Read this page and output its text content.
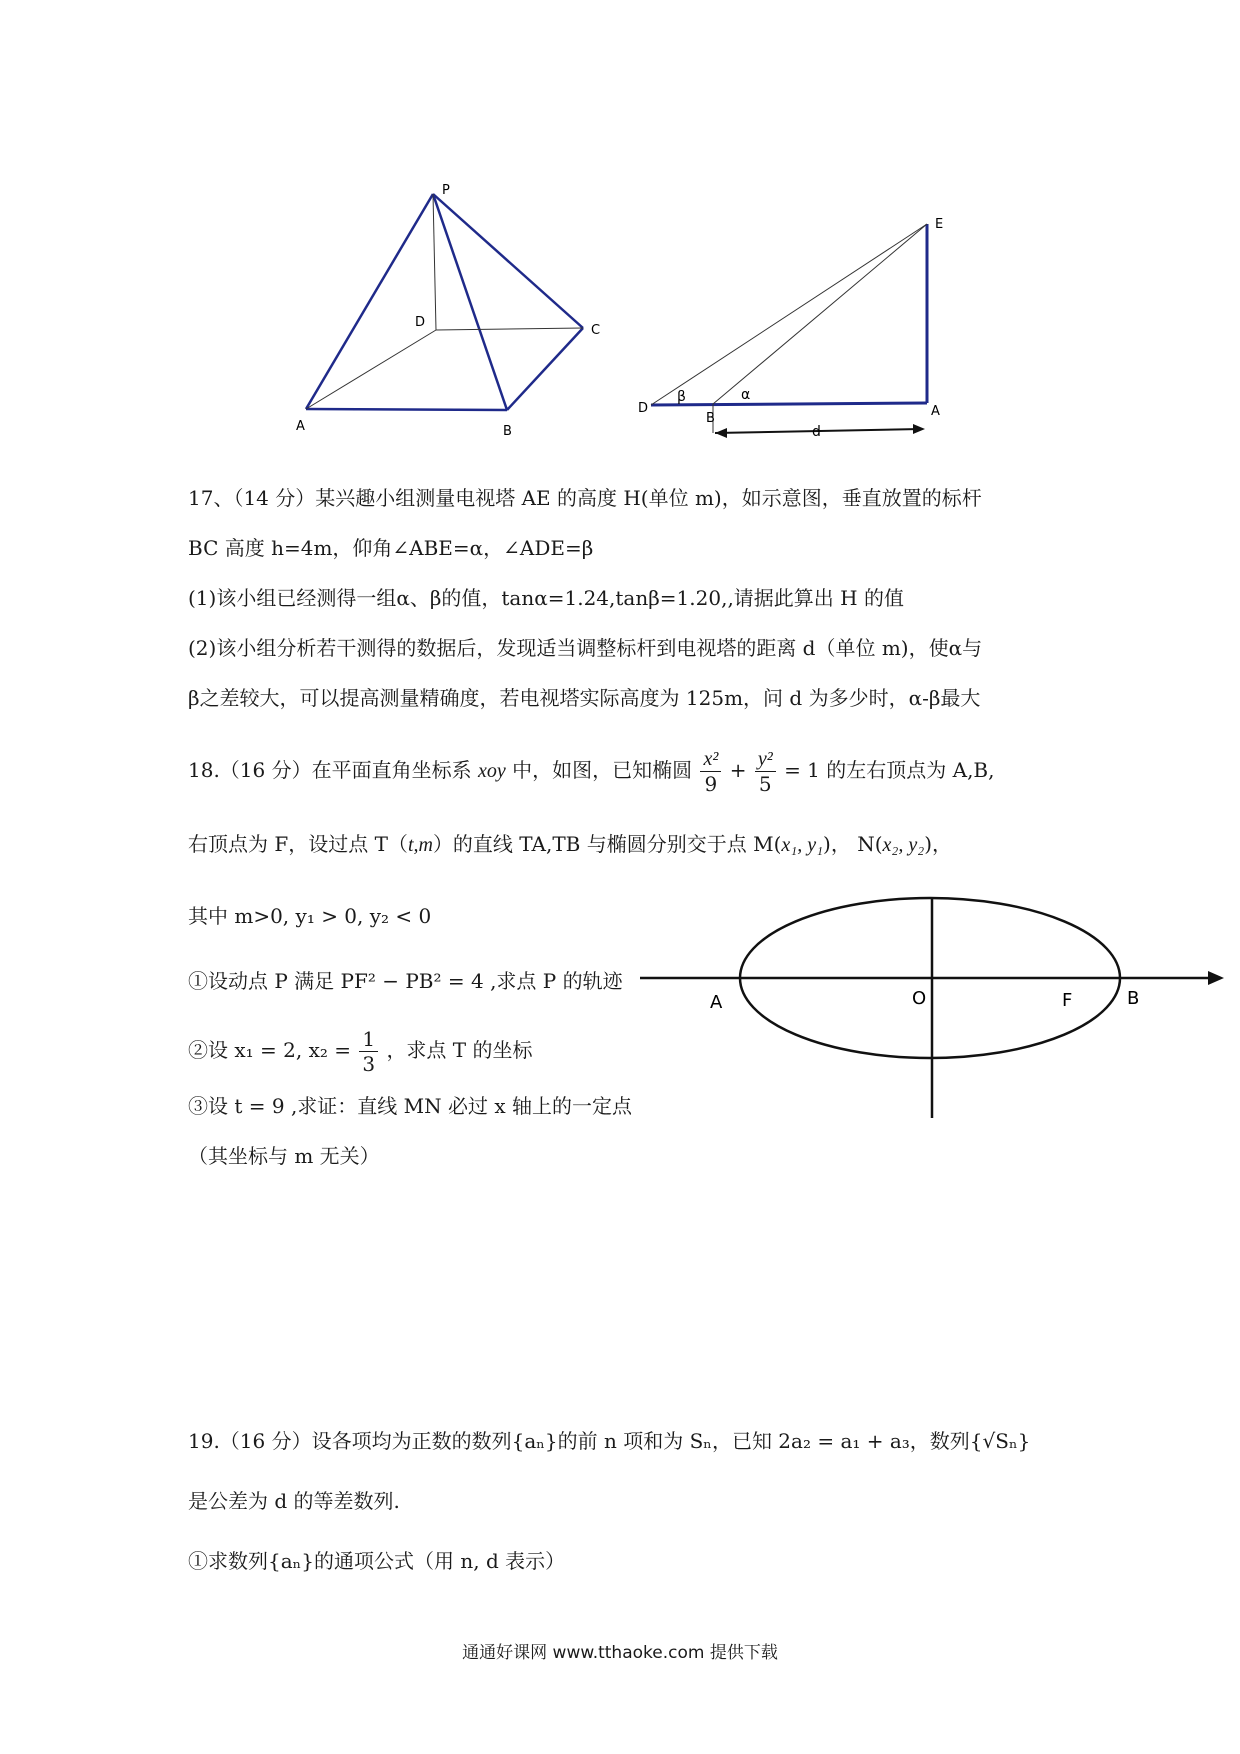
P
D
C
A	B
E
D
B	A
β	α
d
17、（14 分）某兴趣小组测量电视塔 AE 的高度 H(单位 m)，如示意图，垂直放置的标杆
BC 高度 h=4m，仰角∠ABE=α，∠ADE=β
(1)该小组已经测得一组α、β的值，tanα=1.24,tanβ=1.20,,请据此算出 H 的值
(2)该小组分析若干测得的数据后，发现适当调整标杆到电视塔的距离 d（单位 m)，使α与
β之差较大，可以提高测量精确度，若电视塔实际高度为 125m，问 d 为多少时，α-β最大
18.（16 分）在平面直角坐标系 xoy 中，如图，已知椭圆 $\frac{\text{x²}}{9} + \frac{\text{y²}}{5} = 1$ 的左右顶点为 A,B,
右顶点为 F，设过点 T（t,m）的直线 TA,TB 与椭圆分别交于点 M(x₁, y₁)， N(x₂, y₂)，
其中 m>0, y₁ > 0, y₂ < 0
①设动点 P 满足 PF² − PB² = 4 ,求点 P 的轨迹
②设 x₁ = 2, $x_2 = \frac{1}{3}$ ，求点 T 的坐标
③设 t = 9 ,求证：直线 MN 必过 x 轴上的一定点
（其坐标与 m 无关）
A	O	F	B
19.（16 分）设各项均为正数的数列{aₙ}的前 n 项和为 Sₙ，已知 2a₂ = a₁ + a₃，数列{√Sₙ}
是公差为 d 的等差数列.
①求数列{aₙ}的通项公式（用 n, d 表示）
通通好课网 www.tthaoke.com 提供下载
